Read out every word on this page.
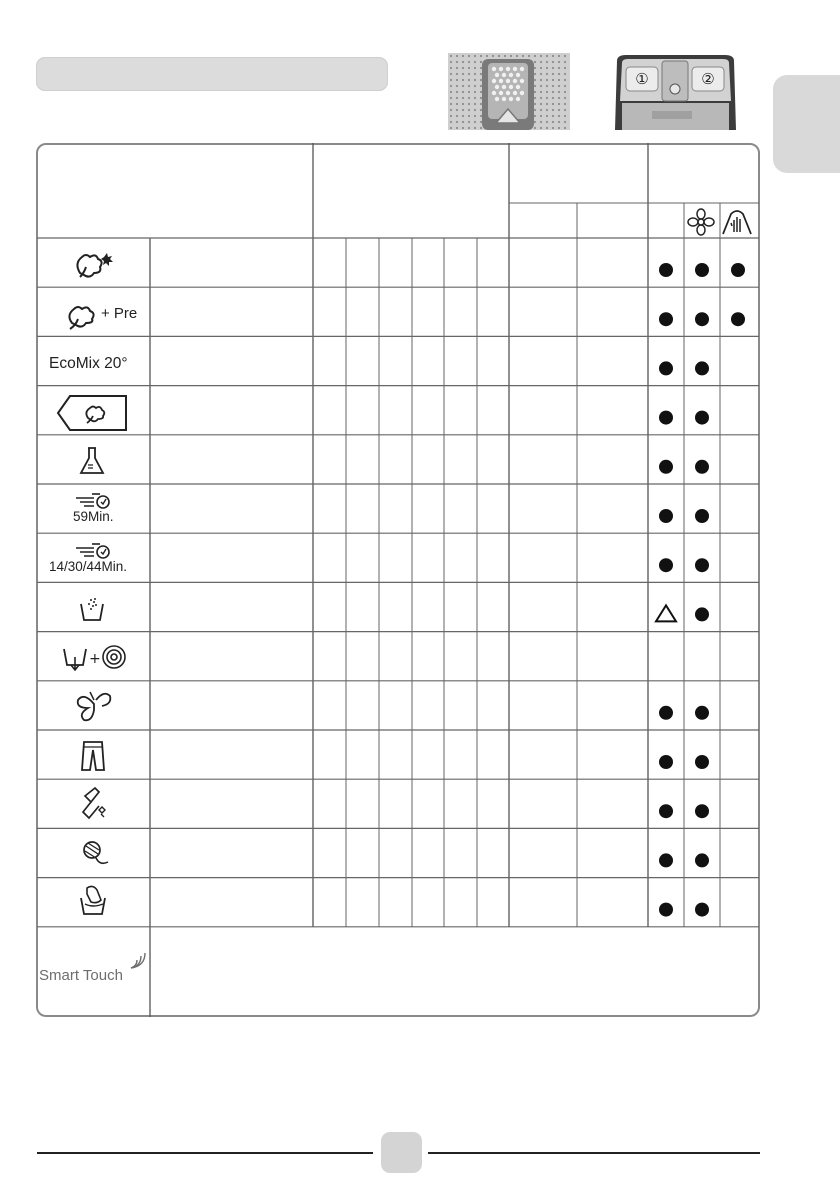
①	②
+ Pre
EcoMix 20°
59Min.
14/30/44Min.
+
Smart Touch
